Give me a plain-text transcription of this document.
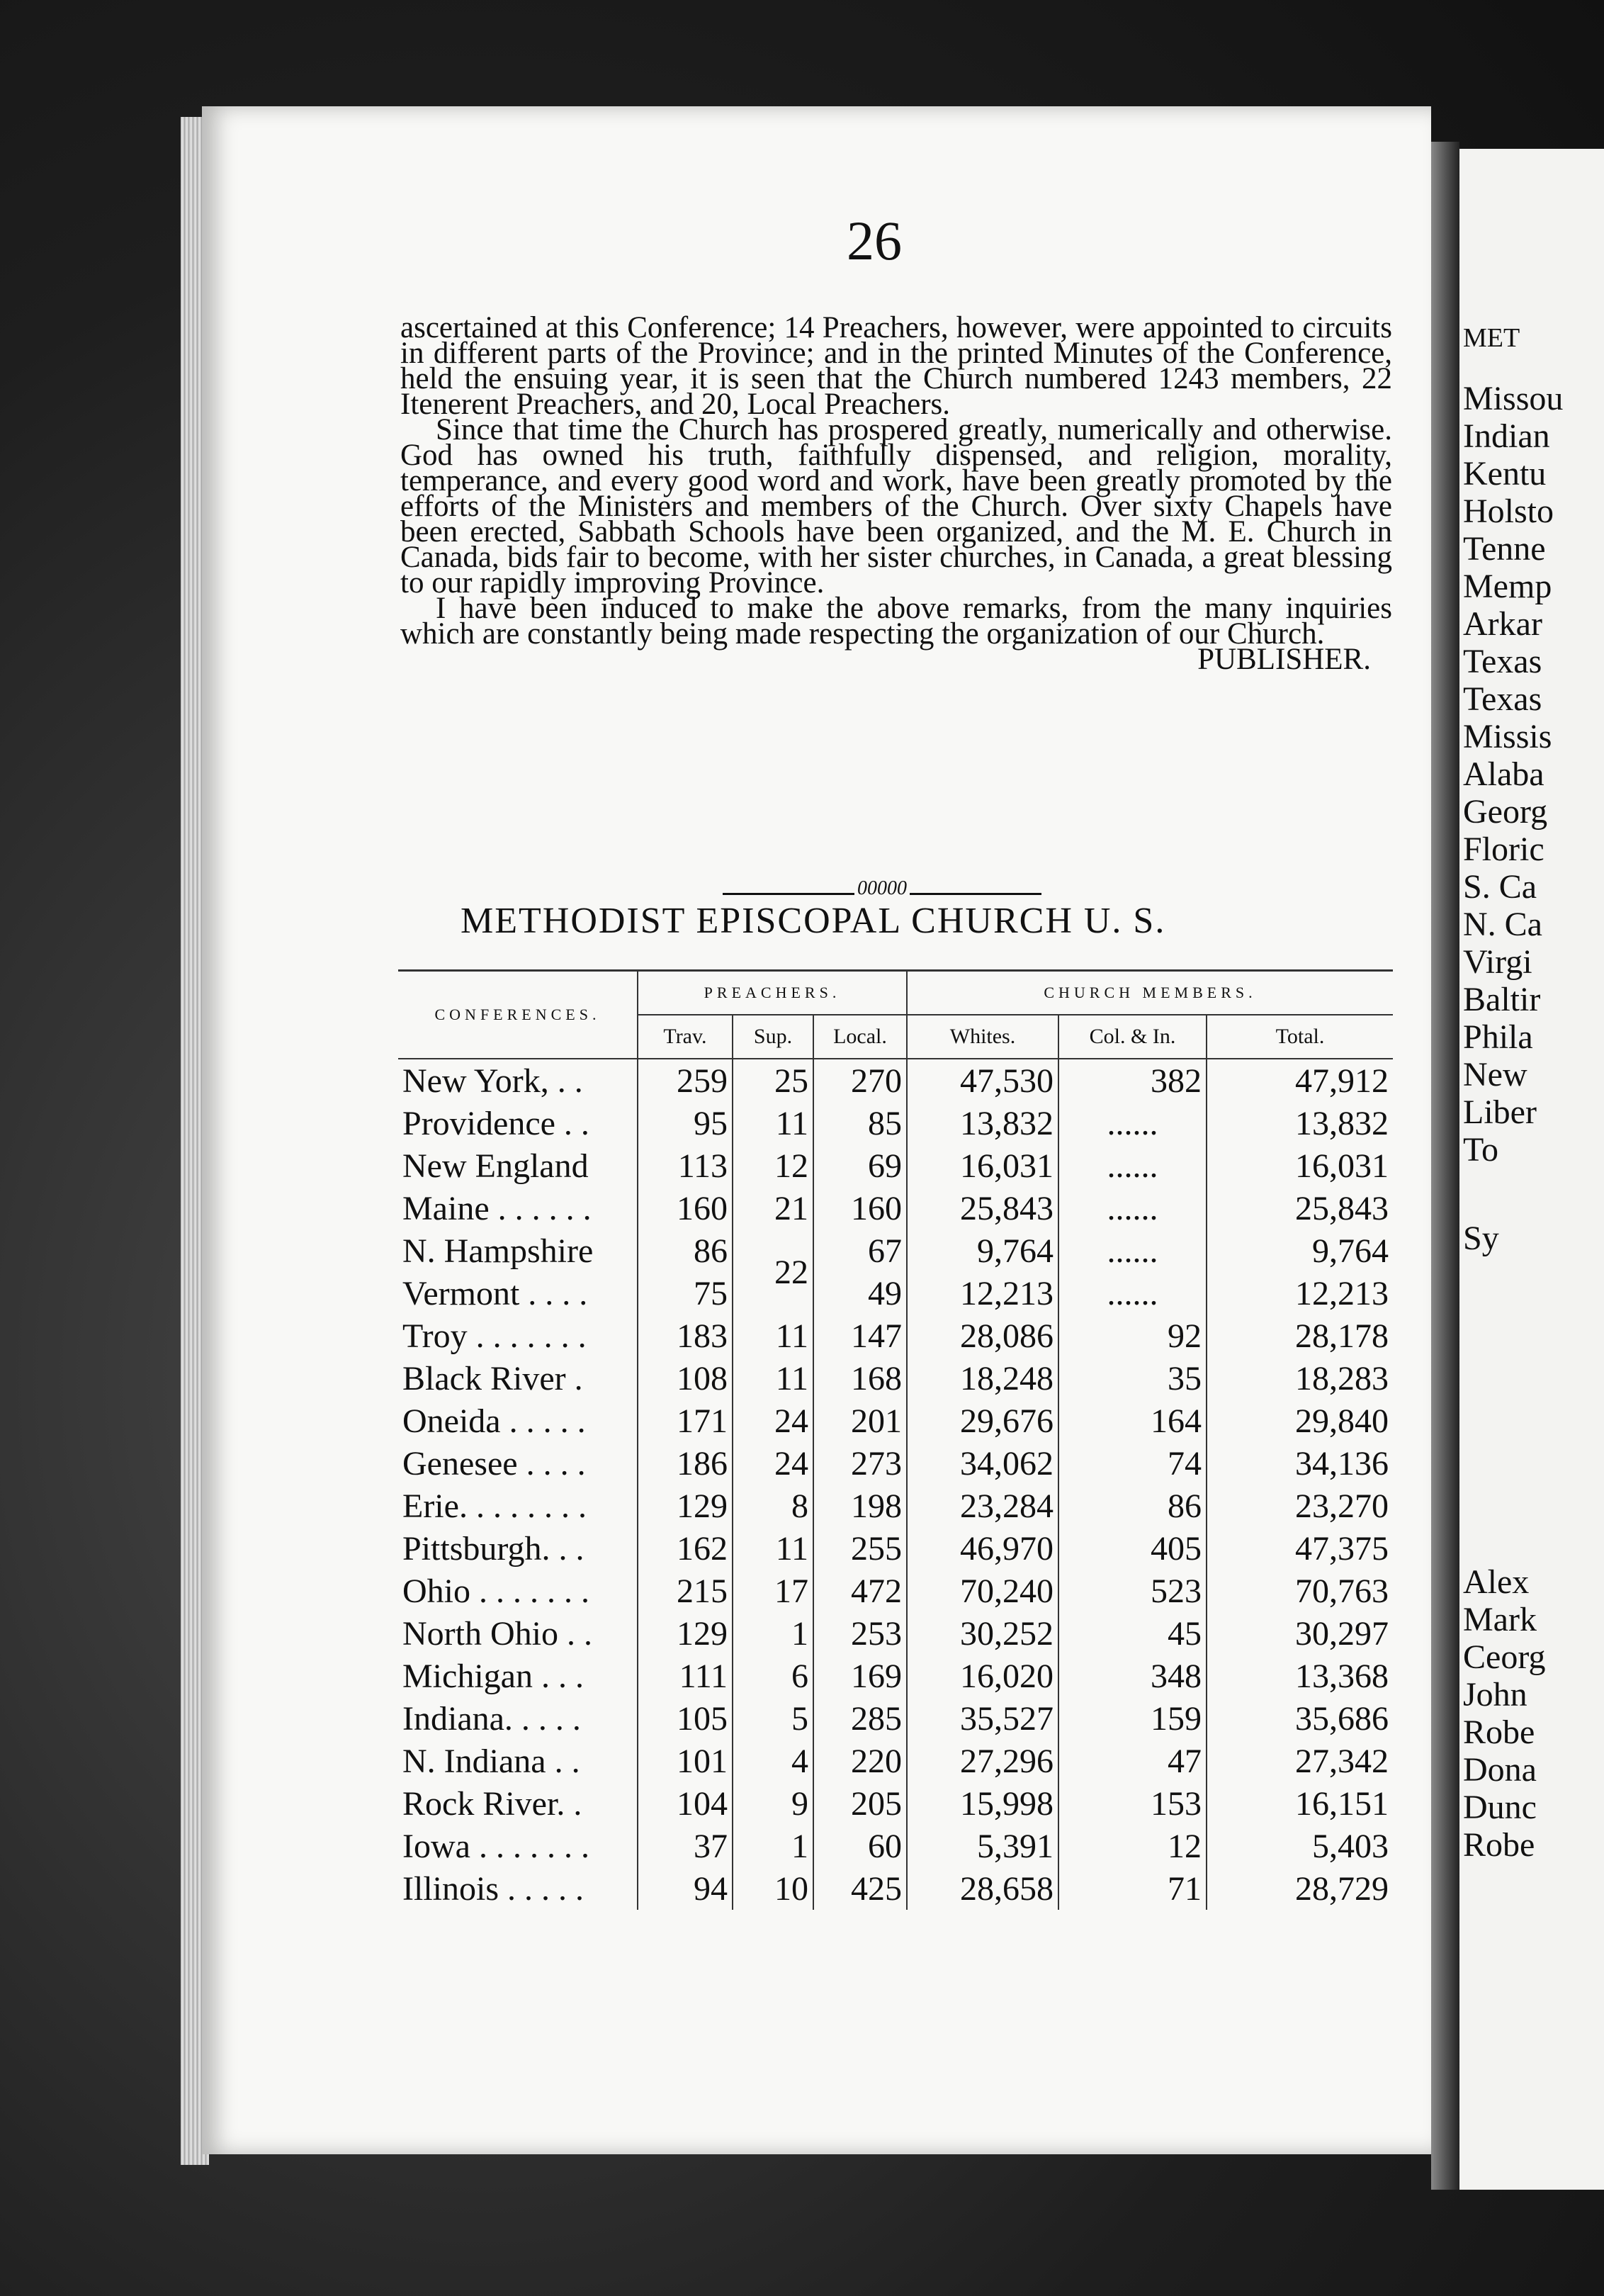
26

ascertained at this Conference; 14 Preachers, however, were appointed to circuits in different parts of the Province; and in the printed Minutes of the Conference, held the ensuing year, it is seen that the Church numbered 1243 members, 22 Itenerent Preachers, and 20, Local Preachers.

Since that time the Church has prospered greatly, numerically and otherwise. God has owned his truth, faithfully dispensed, and religion, morality, temperance, and every good word and work, have been greatly promoted by the efforts of the Ministers and members of the Church. Over sixty Chapels have been erected, Sabbath Schools have been organized, and the M. E. Church in Canada, bids fair to become, with her sister churches, in Canada, a great blessing to our rapidly improving Province.

I have been induced to make the above remarks, from the many inquiries which are constantly being made respecting the organization of our Church.

PUBLISHER.

00000
METHODIST EPISCOPAL CHURCH U. S.
CONFERENCES.	PREACHERS.			CHURCH MEMBERS.		
	Trav.	Sup.	Local.	Whites.	Col. & In.	Total.
New York, . .	259	25	270	47,530	382	47,912
Providence . .	95	11	85	13,832	......	13,832
New England	113	12	69	16,031	......	16,031
Maine . . . . . .	160	21	160	25,843	......	25,843
N. Hampshire	86	22	67	9,764	......	9,764
Vermont . . . .	75		49	12,213	......	12,213
Troy . . . . . . .	183	11	147	28,086	92	28,178
Black River .	108	11	168	18,248	35	18,283
Oneida . . . . .	171	24	201	29,676	164	29,840
Genesee . . . .	186	24	273	34,062	74	34,136
Erie. . . . . . . .	129	8	198	23,284	86	23,270
Pittsburgh. . .	162	11	255	46,970	405	47,375
Ohio . . . . . . .	215	17	472	70,240	523	70,763
North Ohio . .	129	1	253	30,252	45	30,297
Michigan . . .	111	6	169	16,020	348	13,368
Indiana. . . . .	105	5	285	35,527	159	35,686
N. Indiana . .	101	4	220	27,296	47	27,342
Rock River. .	104	9	205	15,998	153	16,151
Iowa . . . . . . .	37	1	60	5,391	12	5,403
Illinois . . . . .	94	10	425	28,658	71	28,729
MET
Missou
Indian
Kentu
Holsto
Tenne
Memp
Arkar
Texas
Texas
Missis
Alaba
Georg
Floric
S. Ca
N. Ca
Virgi
Baltir
Phila
New
Liber
To
Sy
Alex
Mark
Ceorg
John
Robe
Dona
Dunc
Robe
